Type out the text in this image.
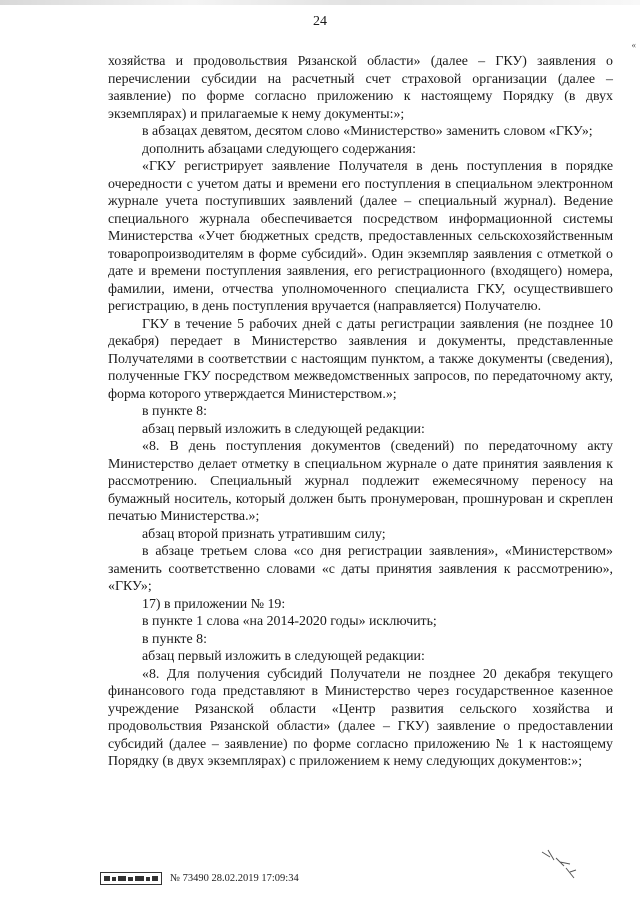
24
«

хозяйства и продовольствия Рязанской области» (далее – ГКУ) заявления о перечислении субсидии на расчетный счет страховой организации (далее – заявление) по форме согласно приложению к настоящему Порядку (в двух экземплярах) и прилагаемые к нему документы:»;

в абзацах девятом, десятом слово «Министерство» заменить словом «ГКУ»;

дополнить абзацами следующего содержания:

«ГКУ регистрирует заявление Получателя в день поступления в порядке очередности с учетом даты и времени его поступления в специальном электронном журнале учета поступивших заявлений (далее – специальный журнал). Ведение специального журнала обеспечивается посредством информационной системы Министерства «Учет бюджетных средств, предоставленных сельскохозяйственным товаропроизводителям в форме субсидий». Один экземпляр заявления с отметкой о дате и времени поступления заявления, его регистрационного (входящего) номера, фамилии, имени, отчества уполномоченного специалиста ГКУ, осуществившего регистрацию, в день поступления вручается (направляется) Получателю.

ГКУ в течение 5 рабочих дней с даты регистрации заявления (не позднее 10 декабря) передает в Министерство заявления и документы, представленные Получателями в соответствии с настоящим пунктом, а также документы (сведения), полученные ГКУ посредством межведомственных запросов, по передаточному акту, форма которого утверждается Министерством.»;

в пункте 8:

абзац первый изложить в следующей редакции:

«8. В день поступления документов (сведений) по передаточному акту Министерство делает отметку в специальном журнале о дате принятия заявления к рассмотрению. Специальный журнал подлежит ежемесячному переносу на бумажный носитель, который должен быть пронумерован, прошнурован и скреплен печатью Министерства.»;

абзац второй признать утратившим силу;

в абзаце третьем слова «со дня регистрации заявления», «Министерством» заменить соответственно словами «с даты принятия заявления к рассмотрению», «ГКУ»;

17) в приложении № 19:

в пункте 1 слова «на 2014-2020 годы» исключить;

в пункте 8:

абзац первый изложить в следующей редакции:

«8. Для получения субсидий Получатели не позднее 20 декабря текущего финансового года представляют в Министерство через государственное казенное учреждение Рязанской области «Центр развития сельского хозяйства и продовольствия Рязанской области» (далее – ГКУ) заявление о предоставлении субсидий (далее – заявление) по форме согласно приложению № 1 к настоящему Порядку (в двух экземплярах) с приложением к нему следующих документов:»;

№ 73490 28.02.2019 17:09:34
